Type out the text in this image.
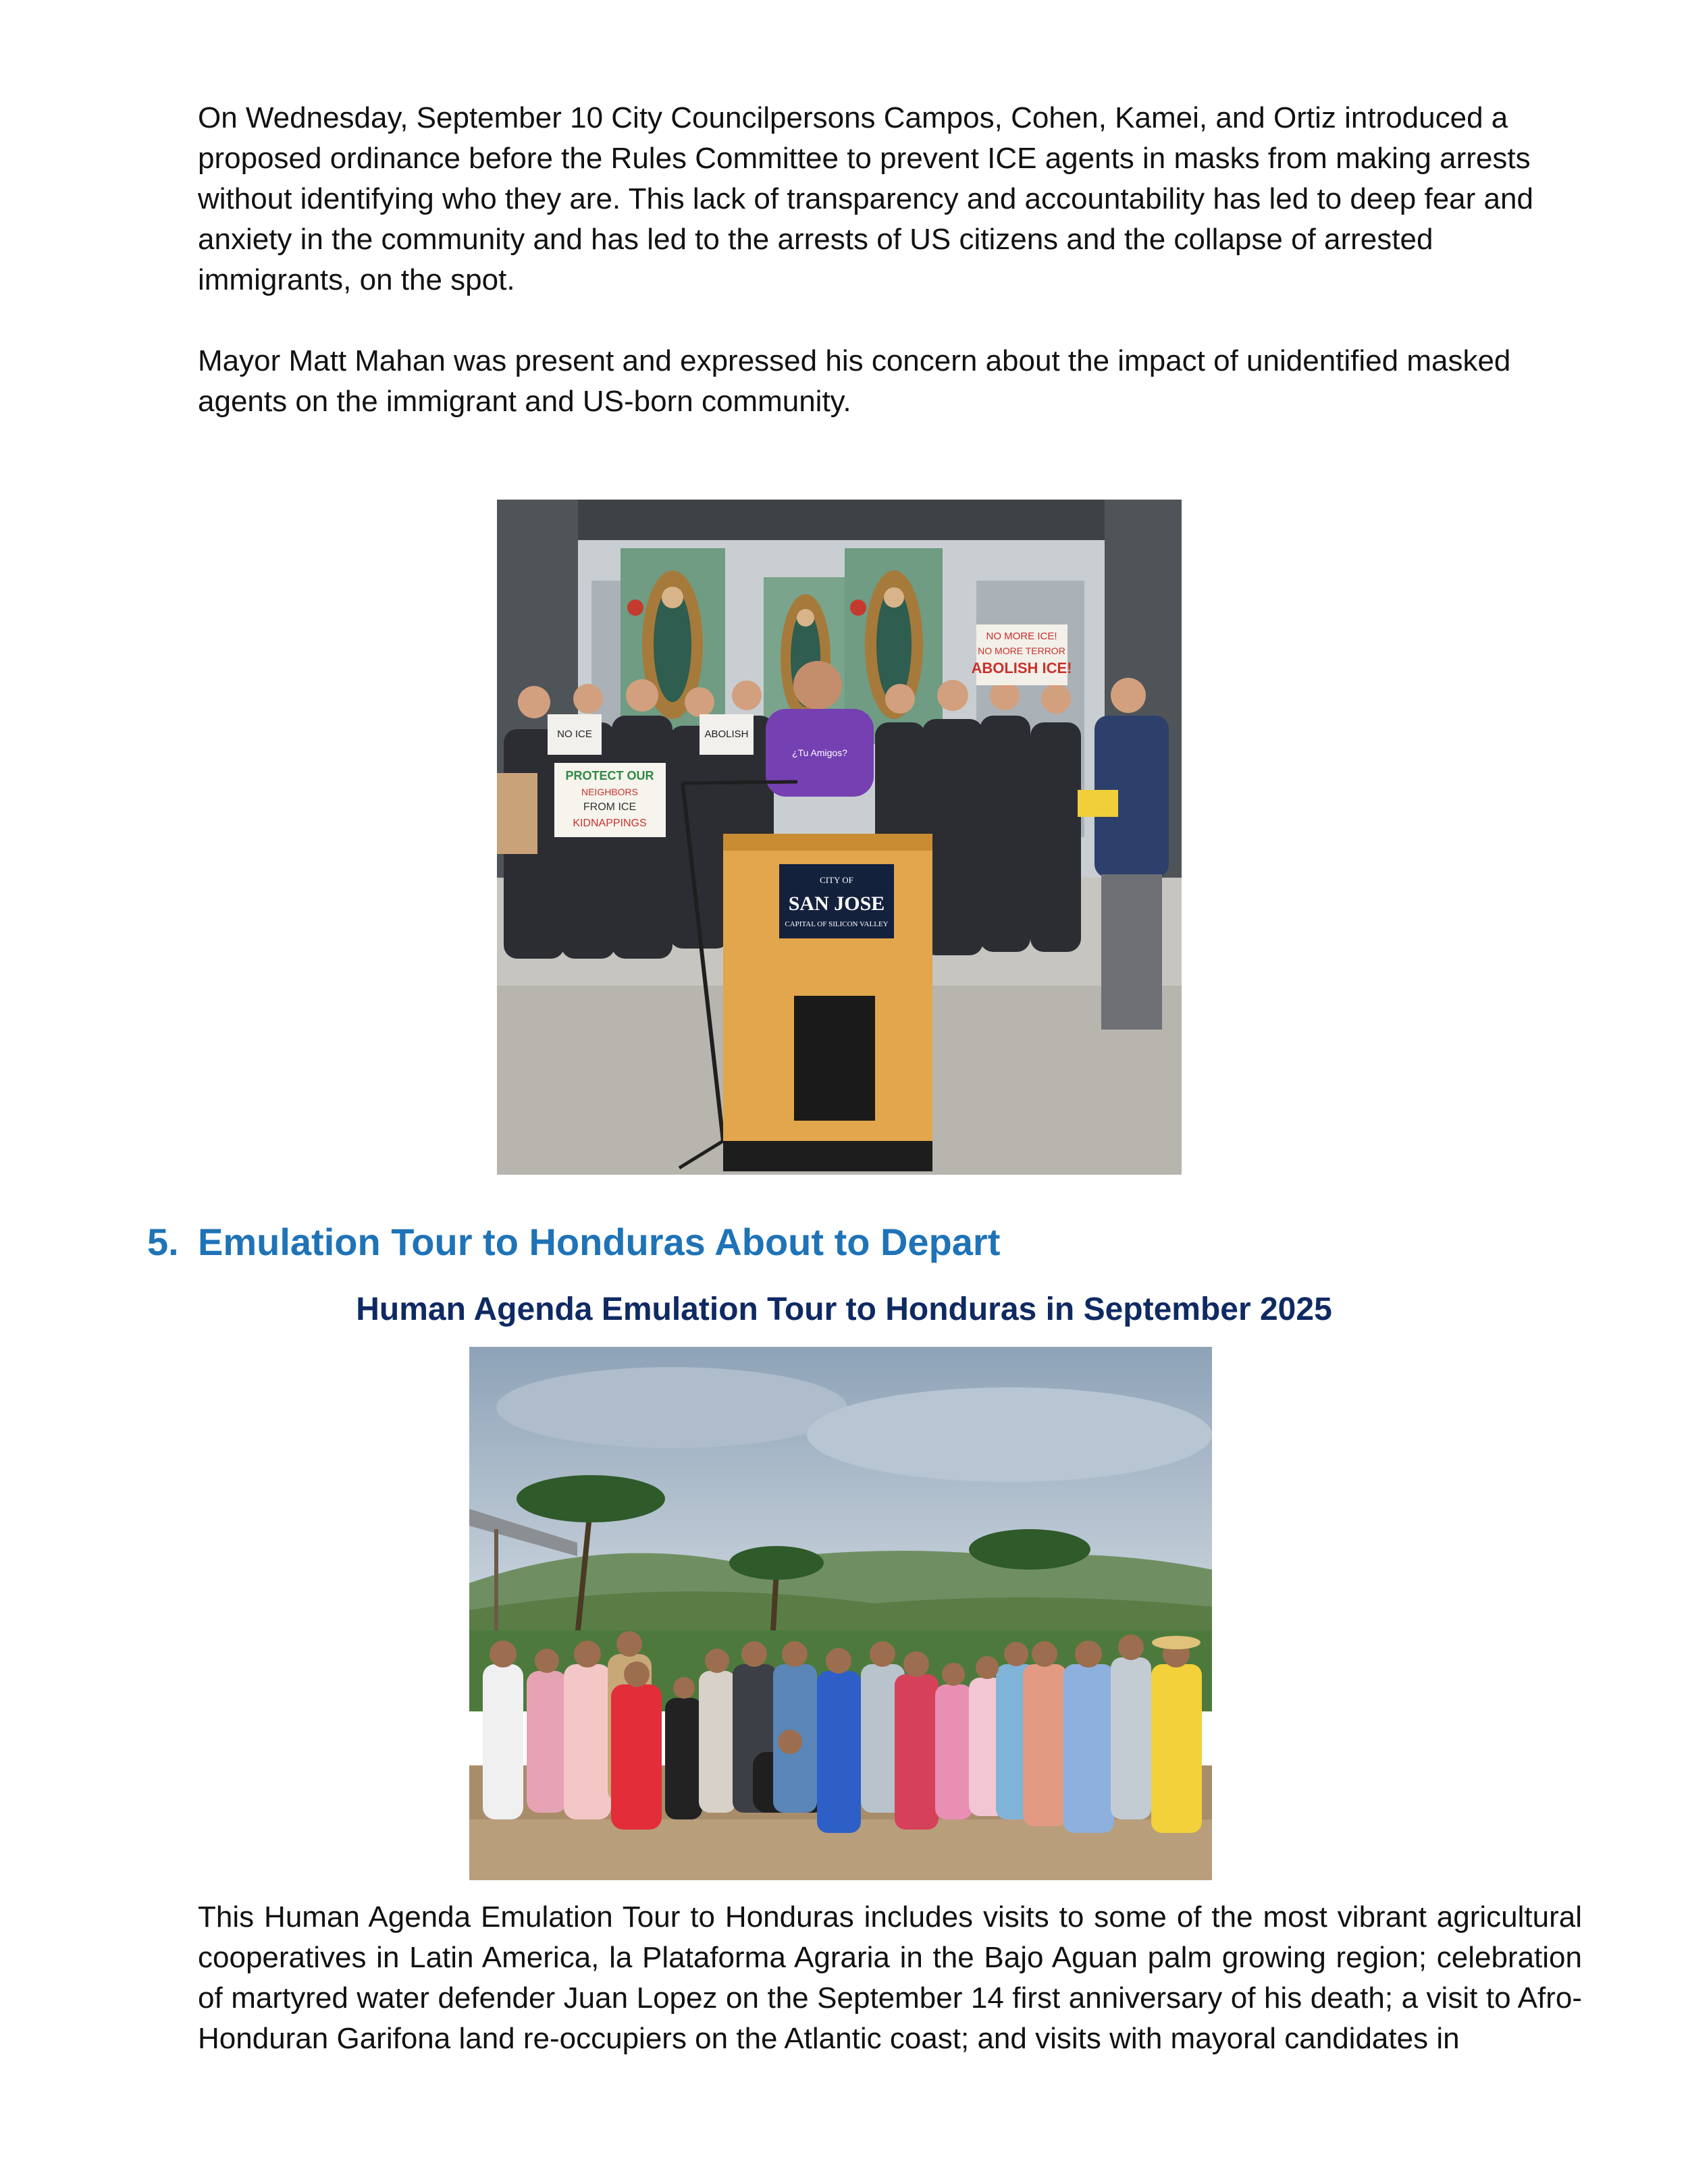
On Wednesday, September 10 City Councilpersons Campos, Cohen, Kamei, and Ortiz introduced a proposed ordinance before the Rules Committee to prevent ICE agents in masks from making arrests without identifying who they are. This lack of transparency and accountability has led to deep fear and anxiety in the community and has led to the arrests of US citizens and the collapse of arrested immigrants, on the spot.

Mayor Matt Mahan was present and expressed his concern about the impact of unidentified masked agents on the immigrant and US-born community.

NO MORE ICE!
NO MORE TERROR
ABOLISH ICE!
PROTECT OUR
NEIGHBORS
FROM ICE
KIDNAPPINGS
NO ICE	ABOLISH
CITY OF
SAN JOSE
CAPITAL OF SILICON VALLEY
¿Tu Amigos?
5. Emulation Tour to Honduras About to Depart
Human Agenda Emulation Tour to Honduras in September 2025

This Human Agenda Emulation Tour to Honduras includes visits to some of the most vibrant agricultural cooperatives in Latin America, la Plataforma Agraria in the Bajo Aguan palm growing region; celebration of martyred water defender Juan Lopez on the September 14 first anniversary of his death; a visit to Afro-Honduran Garifona land re-occupiers on the Atlantic coast; and visits with mayoral candidates in
